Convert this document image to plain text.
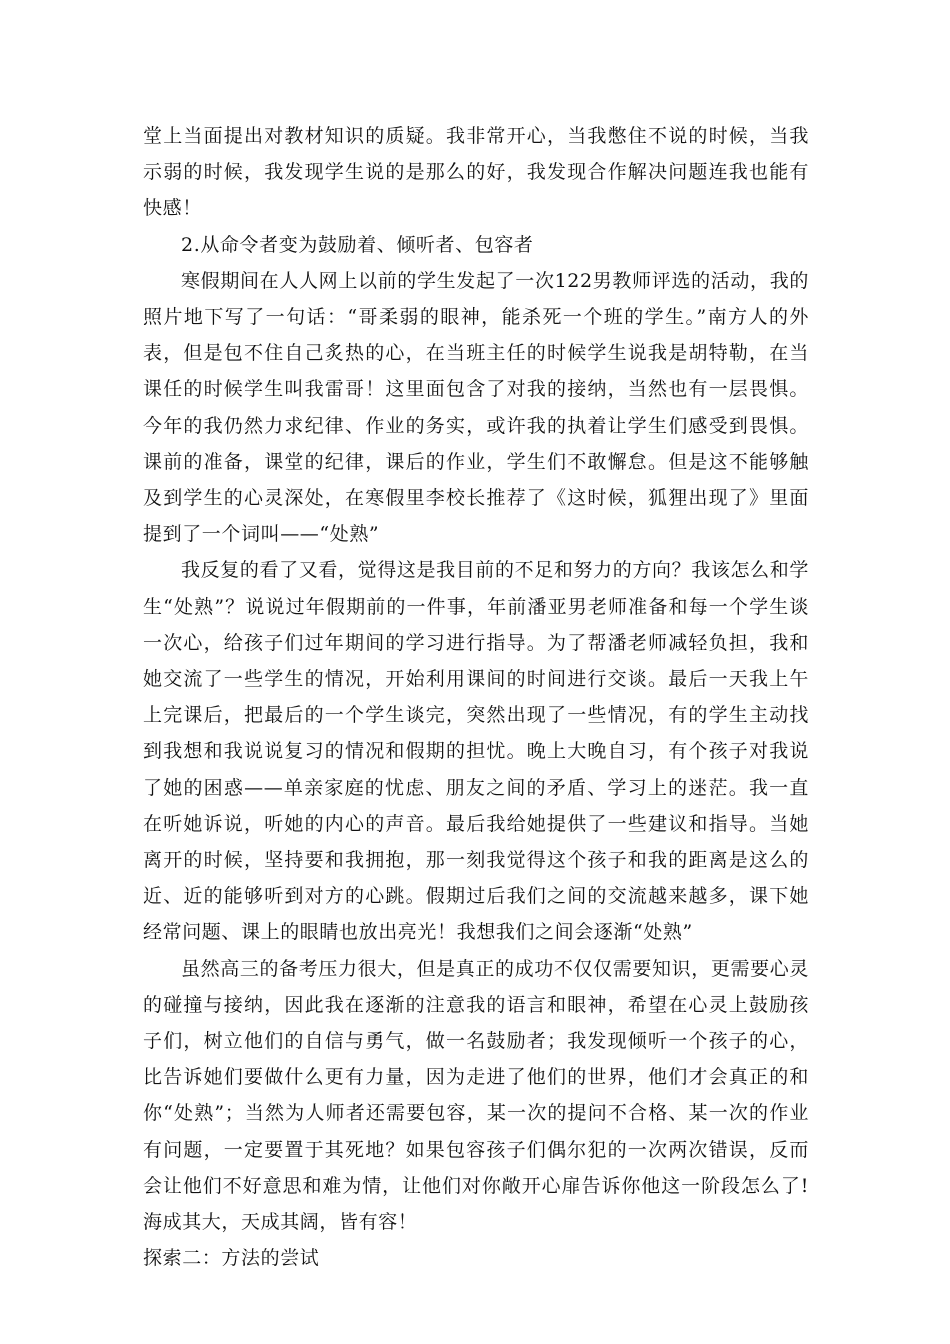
堂上当面提出对教材知识的质疑。我非常开心，当我憋住不说的时候，当我示弱的时候，我发现学生说的是那么的好，我发现合作解决问题连我也能有快感！

2.从命令者变为鼓励着、倾听者、包容者

寒假期间在人人网上以前的学生发起了一次122男教师评选的活动，我的照片地下写了一句话：“哥柔弱的眼神，能杀死一个班的学生。”南方人的外表，但是包不住自己炙热的心，在当班主任的时候学生说我是胡特勒，在当课任的时候学生叫我雷哥！这里面包含了对我的接纳，当然也有一层畏惧。今年的我仍然力求纪律、作业的务实，或许我的执着让学生们感受到畏惧。课前的准备，课堂的纪律，课后的作业，学生们不敢懈怠。但是这不能够触及到学生的心灵深处，在寒假里李校长推荐了《这时候，狐狸出现了》里面提到了一个词叫——“处熟”

我反复的看了又看，觉得这是我目前的不足和努力的方向？我该怎么和学生“处熟”？说说过年假期前的一件事，年前潘亚男老师准备和每一个学生谈一次心，给孩子们过年期间的学习进行指导。为了帮潘老师减轻负担，我和她交流了一些学生的情况，开始利用课间的时间进行交谈。最后一天我上午上完课后，把最后的一个学生谈完，突然出现了一些情况，有的学生主动找到我想和我说说复习的情况和假期的担忧。晚上大晚自习，有个孩子对我说了她的困惑——单亲家庭的忧虑、朋友之间的矛盾、学习上的迷茫。我一直在听她诉说，听她的内心的声音。最后我给她提供了一些建议和指导。当她离开的时候，坚持要和我拥抱，那一刻我觉得这个孩子和我的距离是这么的近、近的能够听到对方的心跳。假期过后我们之间的交流越来越多，课下她经常问题、课上的眼睛也放出亮光！我想我们之间会逐渐“处熟”

虽然高三的备考压力很大，但是真正的成功不仅仅需要知识，更需要心灵的碰撞与接纳，因此我在逐渐的注意我的语言和眼神，希望在心灵上鼓励孩子们，树立他们的自信与勇气，做一名鼓励者；我发现倾听一个孩子的心，比告诉她们要做什么更有力量，因为走进了他们的世界，他们才会真正的和你“处熟”；当然为人师者还需要包容，某一次的提问不合格、某一次的作业有问题，一定要置于其死地？如果包容孩子们偶尔犯的一次两次错误，反而会让他们不好意思和难为情，让他们对你敞开心扉告诉你他这一阶段怎么了!海成其大，天成其阔，皆有容！

探索二：方法的尝试
